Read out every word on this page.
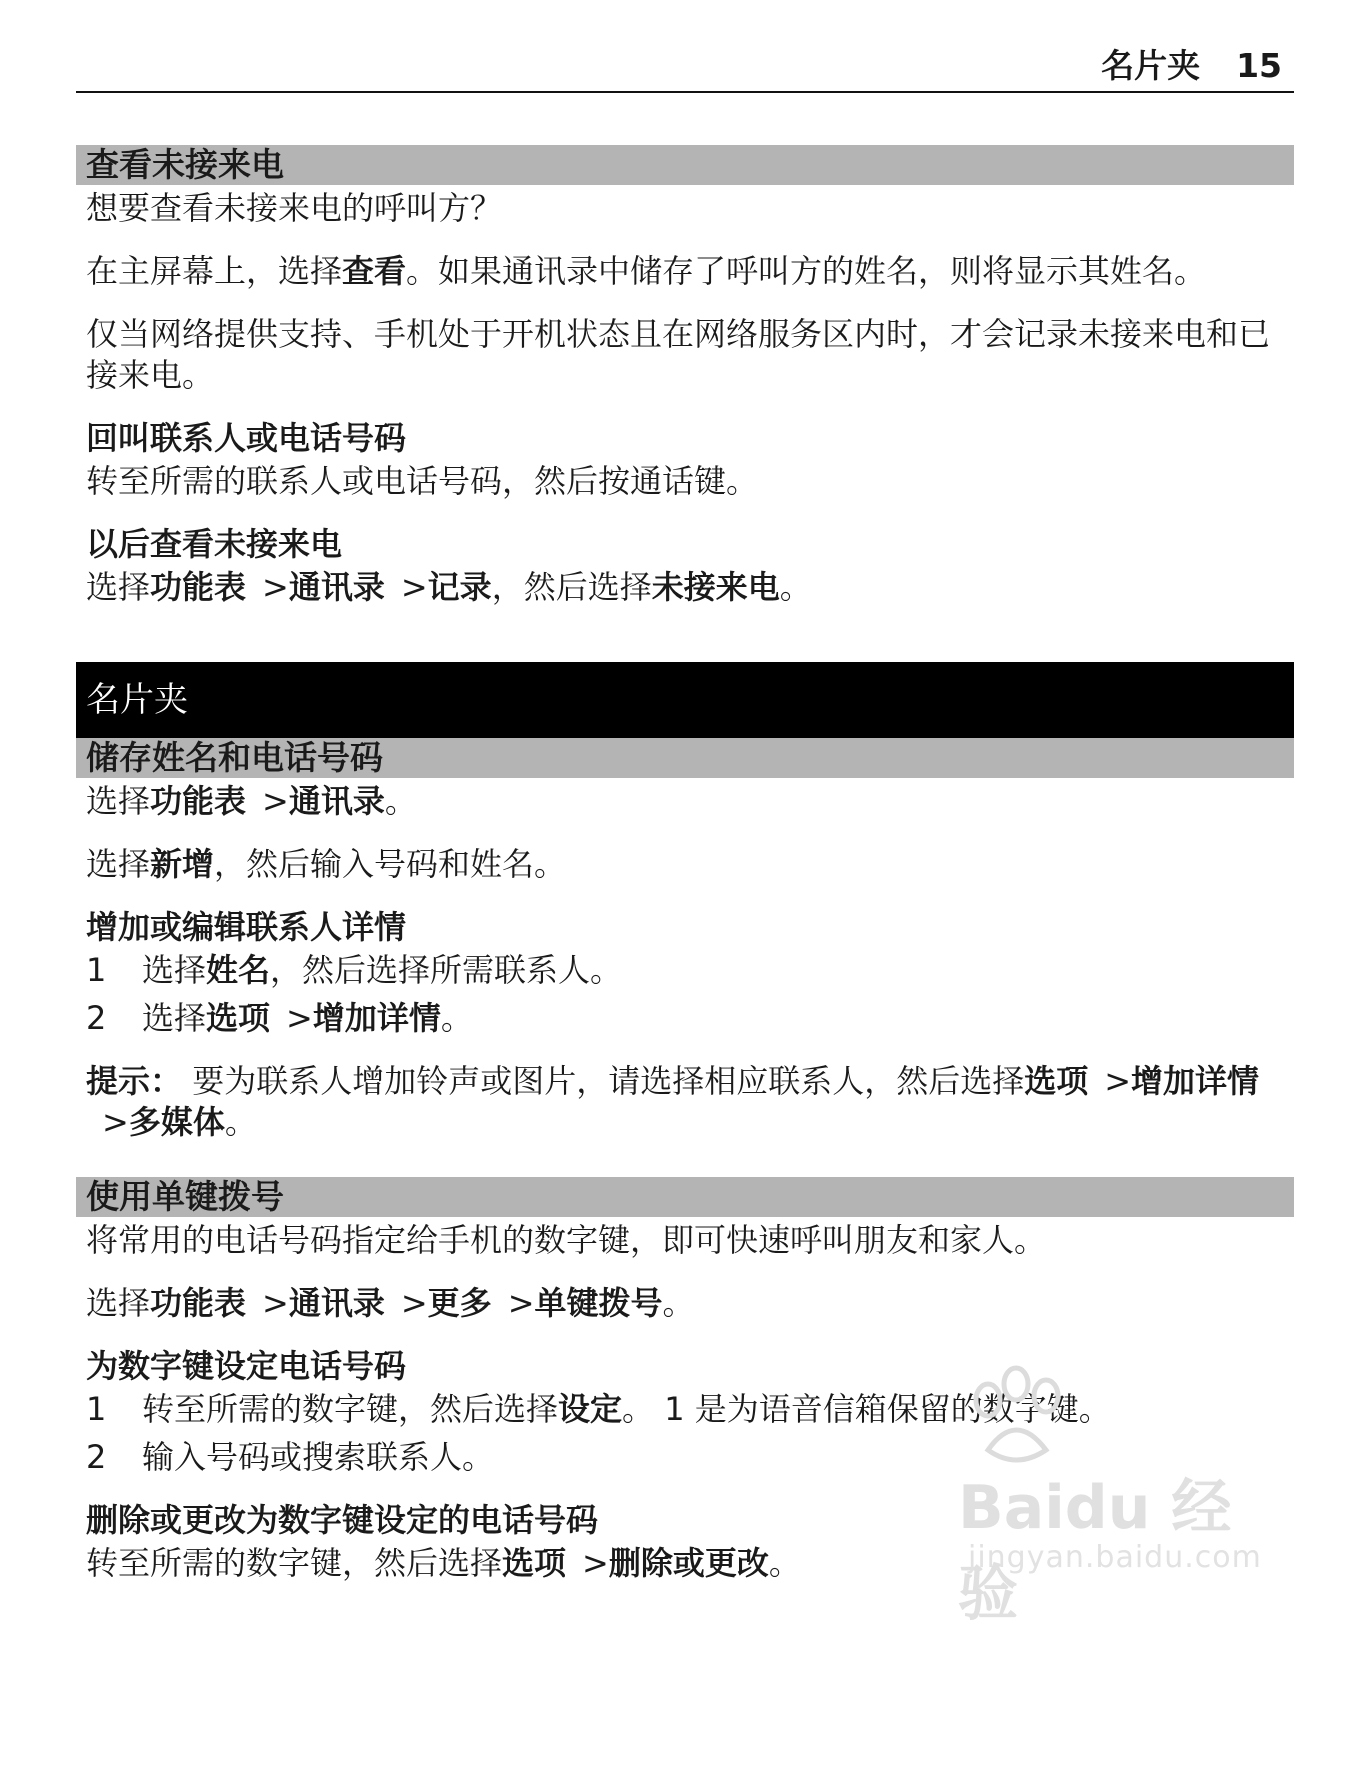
名片夹 15
查看未接来电

想要查看未接来电的呼叫方？

在主屏幕上，选择查看。如果通讯录中储存了呼叫方的姓名，则将显示其姓名。

仅当网络提供支持、手机处于开机状态且在网络服务区内时，才会记录未接来电和已接来电。

回叫联系人或电话号码

转至所需的联系人或电话号码，然后按通话键。

以后查看未接来电

选择功能表 >通讯录 >记录，然后选择未接来电。

名片夹
储存姓名和电话号码

选择功能表 >通讯录。

选择新增，然后输入号码和姓名。

增加或编辑联系人详情
1	选择姓名，然后选择所需联系人。
2	选择选项 >增加详情。

提示： 要为联系人增加铃声或图片，请选择相应联系人，然后选择选项 >增加详情>多媒体。

使用单键拨号

将常用的电话号码指定给手机的数字键，即可快速呼叫朋友和家人。

选择功能表 >通讯录 >更多 >单键拨号。

为数字键设定电话号码
1	转至所需的数字键，然后选择设定。 1 是为语音信箱保留的数字键。
2	输入号码或搜索联系人。
删除或更改为数字键设定的电话号码

转至所需的数字键，然后选择选项 >删除或更改。

Baidu 经验
jingyan.baidu.com
